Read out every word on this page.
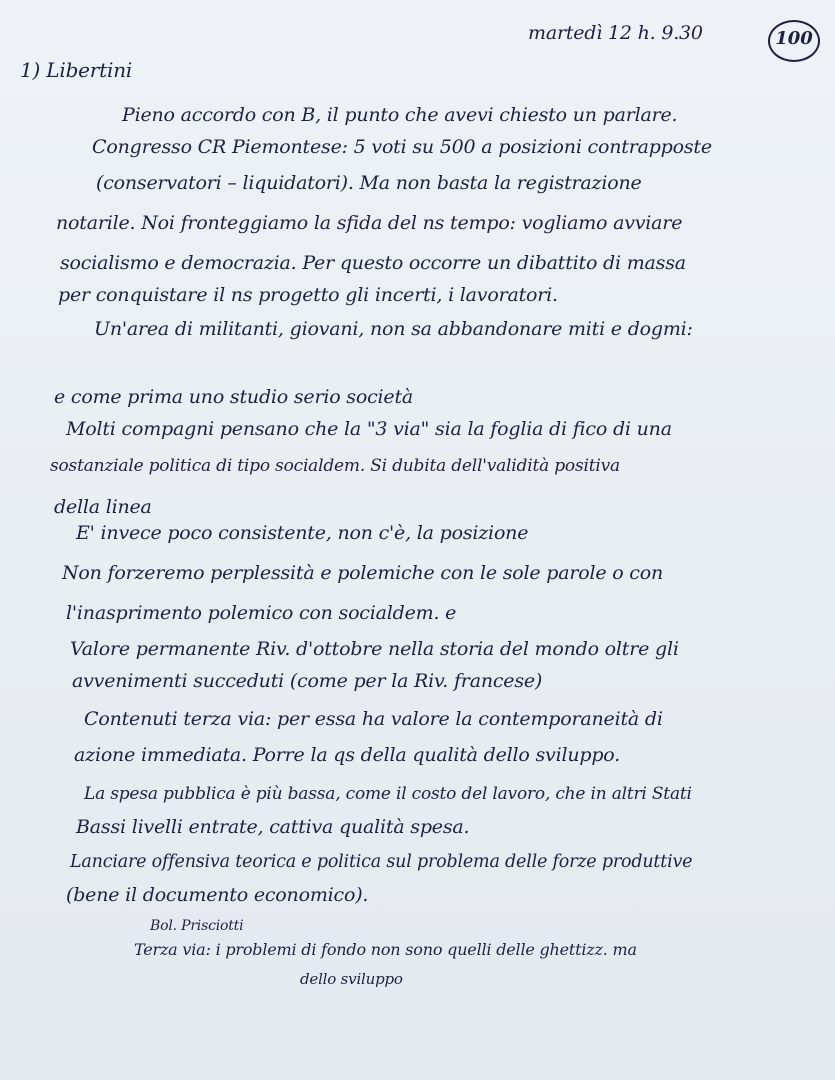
martedì 12 h. 9.30	100
1) Libertini
Pieno accordo con B, il punto che avevi chiesto un parlare.
Congresso CR Piemontese: 5 voti su 500 a posizioni contrapposte
(conservatori – liquidatori). Ma non basta la registrazione
notarile. Noi fronteggiamo la sfida del ns tempo: vogliamo avviare
socialismo e democrazia. Per questo occorre un dibattito di massa
per conquistare il ns progetto gli incerti, i lavoratori.
Un'area di militanti, giovani, non sa abbandonare miti e dogmi:
e come prima uno studio serio società
Molti compagni pensano che la "3 via" sia la foglia di fico di una
sostanziale politica di tipo socialdem. Si dubita dell'validità positiva
della linea
E' invece poco consistente, non c'è, la posizione
Non forzeremo perplessità e polemiche con le sole parole o con
l'inasprimento polemico con socialdem. e
Valore permanente Riv. d'ottobre nella storia del mondo oltre gli
avvenimenti succeduti (come per la Riv. francese)
Contenuti terza via: per essa ha valore la contemporaneità di
azione immediata. Porre la qs della qualità dello sviluppo.
La spesa pubblica è più bassa, come il costo del lavoro, che in altri Stati
Bassi livelli entrate, cattiva qualità spesa.
Lanciare offensiva teorica e politica sul problema delle forze produttive
(bene il documento economico).
Bol. Prisciotti
Terza via: i problemi di fondo non sono quelli delle ghettizz. ma
dello sviluppo
